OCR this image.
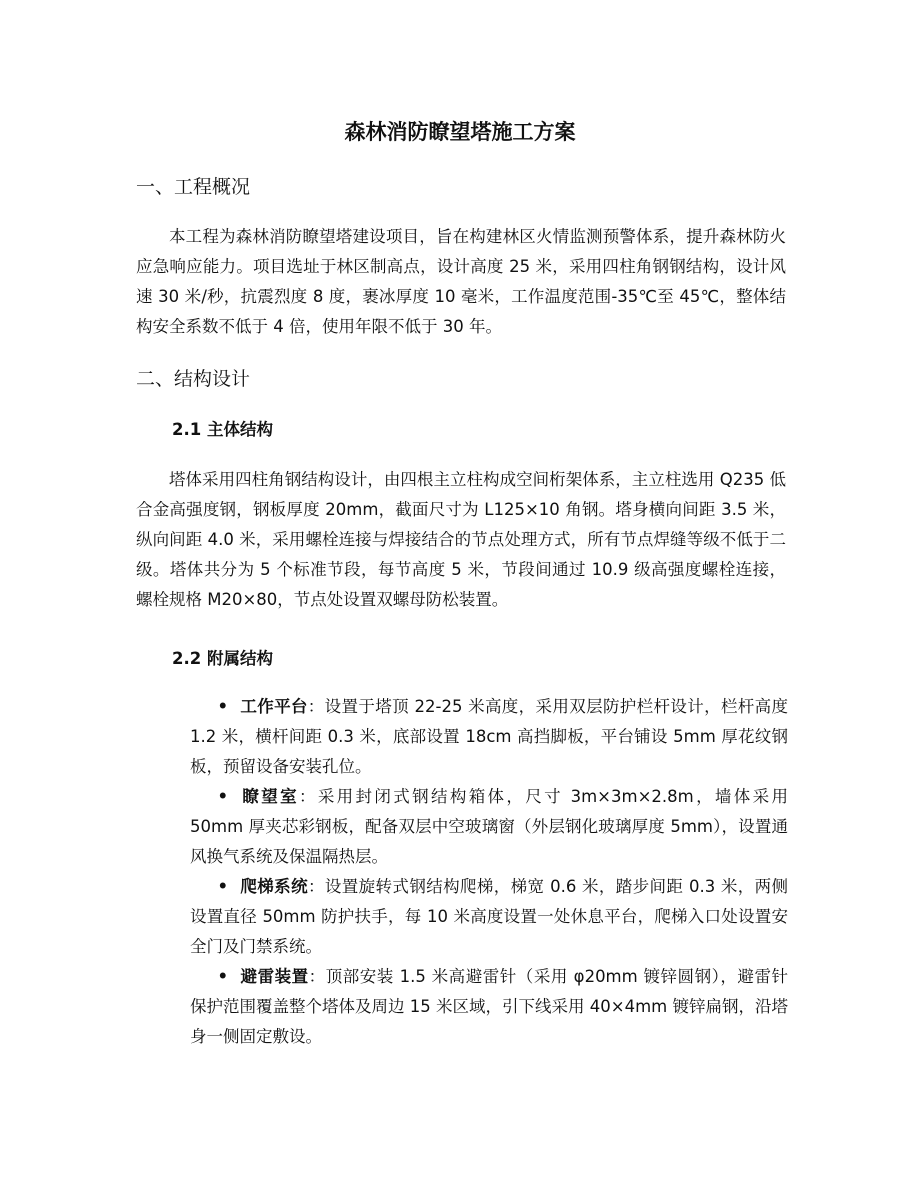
森林消防瞭望塔施工方案
一、工程概况

本工程为森林消防瞭望塔建设项目，旨在构建林区火情监测预警体系，提升森林防火应急响应能力。项目选址于林区制高点，设计高度 25 米，采用四柱角钢钢结构，设计风速 30 米/秒，抗震烈度 8 度，裹冰厚度 10 毫米，工作温度范围-35℃至 45℃，整体结构安全系数不低于 4 倍，使用年限不低于 30 年。

二、结构设计
2.1 主体结构

塔体采用四柱角钢结构设计，由四根主立柱构成空间桁架体系，主立柱选用 Q235 低合金高强度钢，钢板厚度 20mm，截面尺寸为 L125×10 角钢。塔身横向间距 3.5 米，纵向间距 4.0 米，采用螺栓连接与焊接结合的节点处理方式，所有节点焊缝等级不低于二级。塔体共分为 5 个标准节段，每节高度 5 米，节段间通过 10.9 级高强度螺栓连接，螺栓规格 M20×80，节点处设置双螺母防松装置。

2.2 附属结构
• 工作平台：设置于塔顶 22-25 米高度，采用双层防护栏杆设计，栏杆高度 1.2 米，横杆间距 0.3 米，底部设置 18cm 高挡脚板，平台铺设 5mm 厚花纹钢板，预留设备安装孔位。
• 瞭望室：采用封闭式钢结构箱体，尺寸 3m×3m×2.8m，墙体采用 50mm 厚夹芯彩钢板，配备双层中空玻璃窗（外层钢化玻璃厚度 5mm），设置通风换气系统及保温隔热层。
• 爬梯系统：设置旋转式钢结构爬梯，梯宽 0.6 米，踏步间距 0.3 米，两侧设置直径 50mm 防护扶手，每 10 米高度设置一处休息平台，爬梯入口处设置安全门及门禁系统。
• 避雷装置：顶部安装 1.5 米高避雷针（采用 φ20mm 镀锌圆钢），避雷针保护范围覆盖整个塔体及周边 15 米区域，引下线采用 40×4mm 镀锌扁钢，沿塔身一侧固定敷设。
